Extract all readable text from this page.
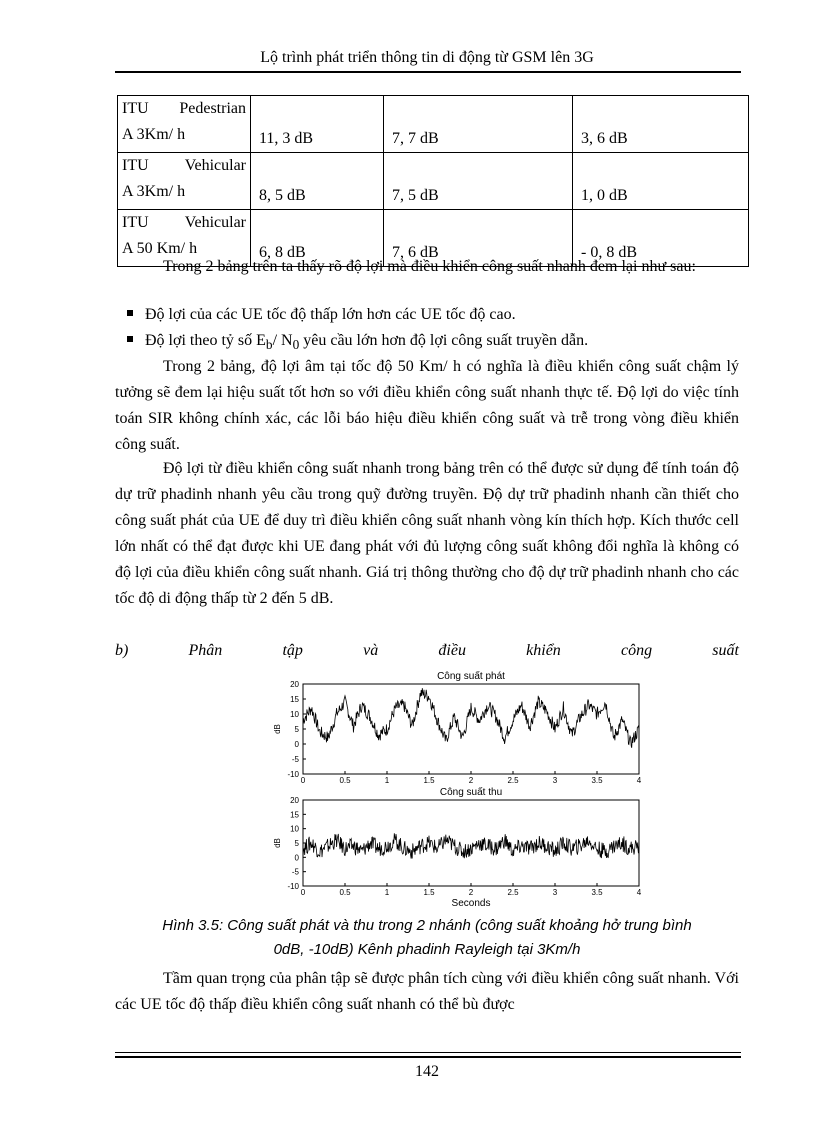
Lộ trình phát triển thông tin di động từ GSM lên 3G
ITU Pedestrian
A 3Km/ h	11, 3 dB	7, 7 dB	3, 6 dB

ITU Vehicular
A 3Km/ h	8, 5 dB	7, 5 dB	1, 0 dB

ITU Vehicular
A 50 Km/ h	6, 8 dB	7, 6 dB	- 0, 8 dB

Trong 2 bảng trên ta thấy rõ độ lợi mà điều khiển công suất nhanh đem lại như sau:

Độ lợi của các UE tốc độ thấp lớn hơn các UE tốc độ cao.
Độ lợi theo tỷ số $E_b/$ $N_0$ yêu cầu lớn hơn độ lợi công suất truyền dẫn.

Trong 2 bảng, độ lợi âm tại tốc độ 50 Km/ h có nghĩa là điều khiển công suất chậm lý tưởng sẽ đem lại hiệu suất tốt hơn so với điều khiển công suất nhanh thực tế. Độ lợi do việc tính toán SIR không chính xác, các lỗi báo hiệu điều khiển công suất và trễ trong vòng điều khiển công suất.

Độ lợi từ điều khiển công suất nhanh trong bảng trên có thể được sử dụng để tính toán độ dự trữ phadinh nhanh yêu cầu trong quỹ đường truyền. Độ dự trữ phadinh nhanh cần thiết cho công suất phát của UE để duy trì điều khiển công suất nhanh vòng kín thích hợp. Kích thước cell lớn nhất có thể đạt được khi UE đang phát với đủ lượng công suất không đổi nghĩa là không có độ lợi của điều khiển công suất nhanh. Giá trị thông thường cho độ dự trữ phadinh nhanh cho các tốc độ di động thấp từ 2 đến 5 dB.

b)	Phân	tập	và	điều	khiển	công	suất
Công suất phát
20
15
10
5
0
-5
-10
0	0.5	1	1.5	2	2.5	3	3.5	4
dB
Công suất thu
20
15
10
5
0
-5
-10
0	0.5	1	1.5	2	2.5	3	3.5	4
dB
Seconds
Hình 3.5: Công suất phát và thu trong 2 nhánh (công suất khoảng hở trung bình
0dB, -10dB) Kênh phadinh Rayleigh tại 3Km/h

Tầm quan trọng của phân tập sẽ được phân tích cùng với điều khiển công suất nhanh. Với các UE tốc độ thấp điều khiển công suất nhanh có thể bù được

142
